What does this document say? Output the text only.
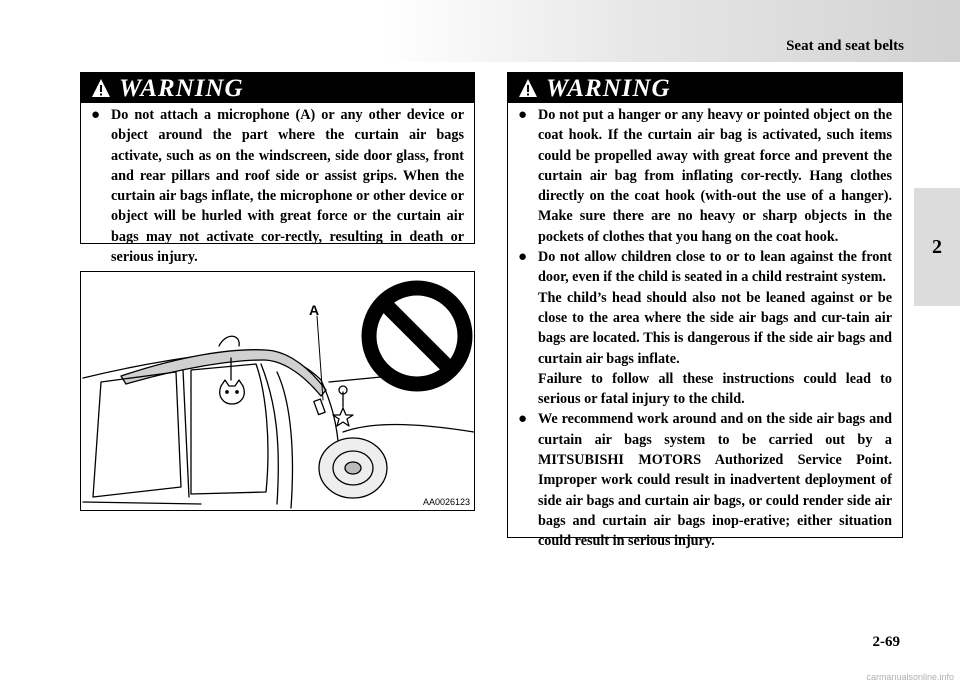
Seat and seat belts
2
WARNING
● Do not attach a microphone (A) or any other device or object around the part where the curtain air bags activate, such as on the windscreen, side door glass, front and rear pillars and roof side or assist grips. When the curtain air bags inflate, the microphone or other device or object will be hurled with great force or the curtain air bags may not activate cor-rectly, resulting in death or serious injury.

A
AA0026123
WARNING
● Do not put a hanger or any heavy or pointed object on the coat hook. If the curtain air bag is activated, such items could be propelled away with great force and prevent the curtain air bag from inflating cor-rectly. Hang clothes directly on the coat hook (with-out the use of a hanger). Make sure there are no heavy or sharp objects in the pockets of clothes that you hang on the coat hook.

● Do not allow children close to or to lean against the front door, even if the child is seated in a child restraint system.

The child’s head should also not be leaned against or be close to the area where the side air bags and cur-tain air bags are located. This is dangerous if the side air bags and curtain air bags inflate.

Failure to follow all these instructions could lead to serious or fatal injury to the child.

● We recommend work around and on the side air bags and curtain air bags system to be carried out by a MITSUBISHI MOTORS Authorized Service Point. Improper work could result in inadvertent deployment of side air bags and curtain air bags, or could render side air bags and curtain air bags inop-erative; either situation could result in serious injury.

2-69
carmanualsonline.info
